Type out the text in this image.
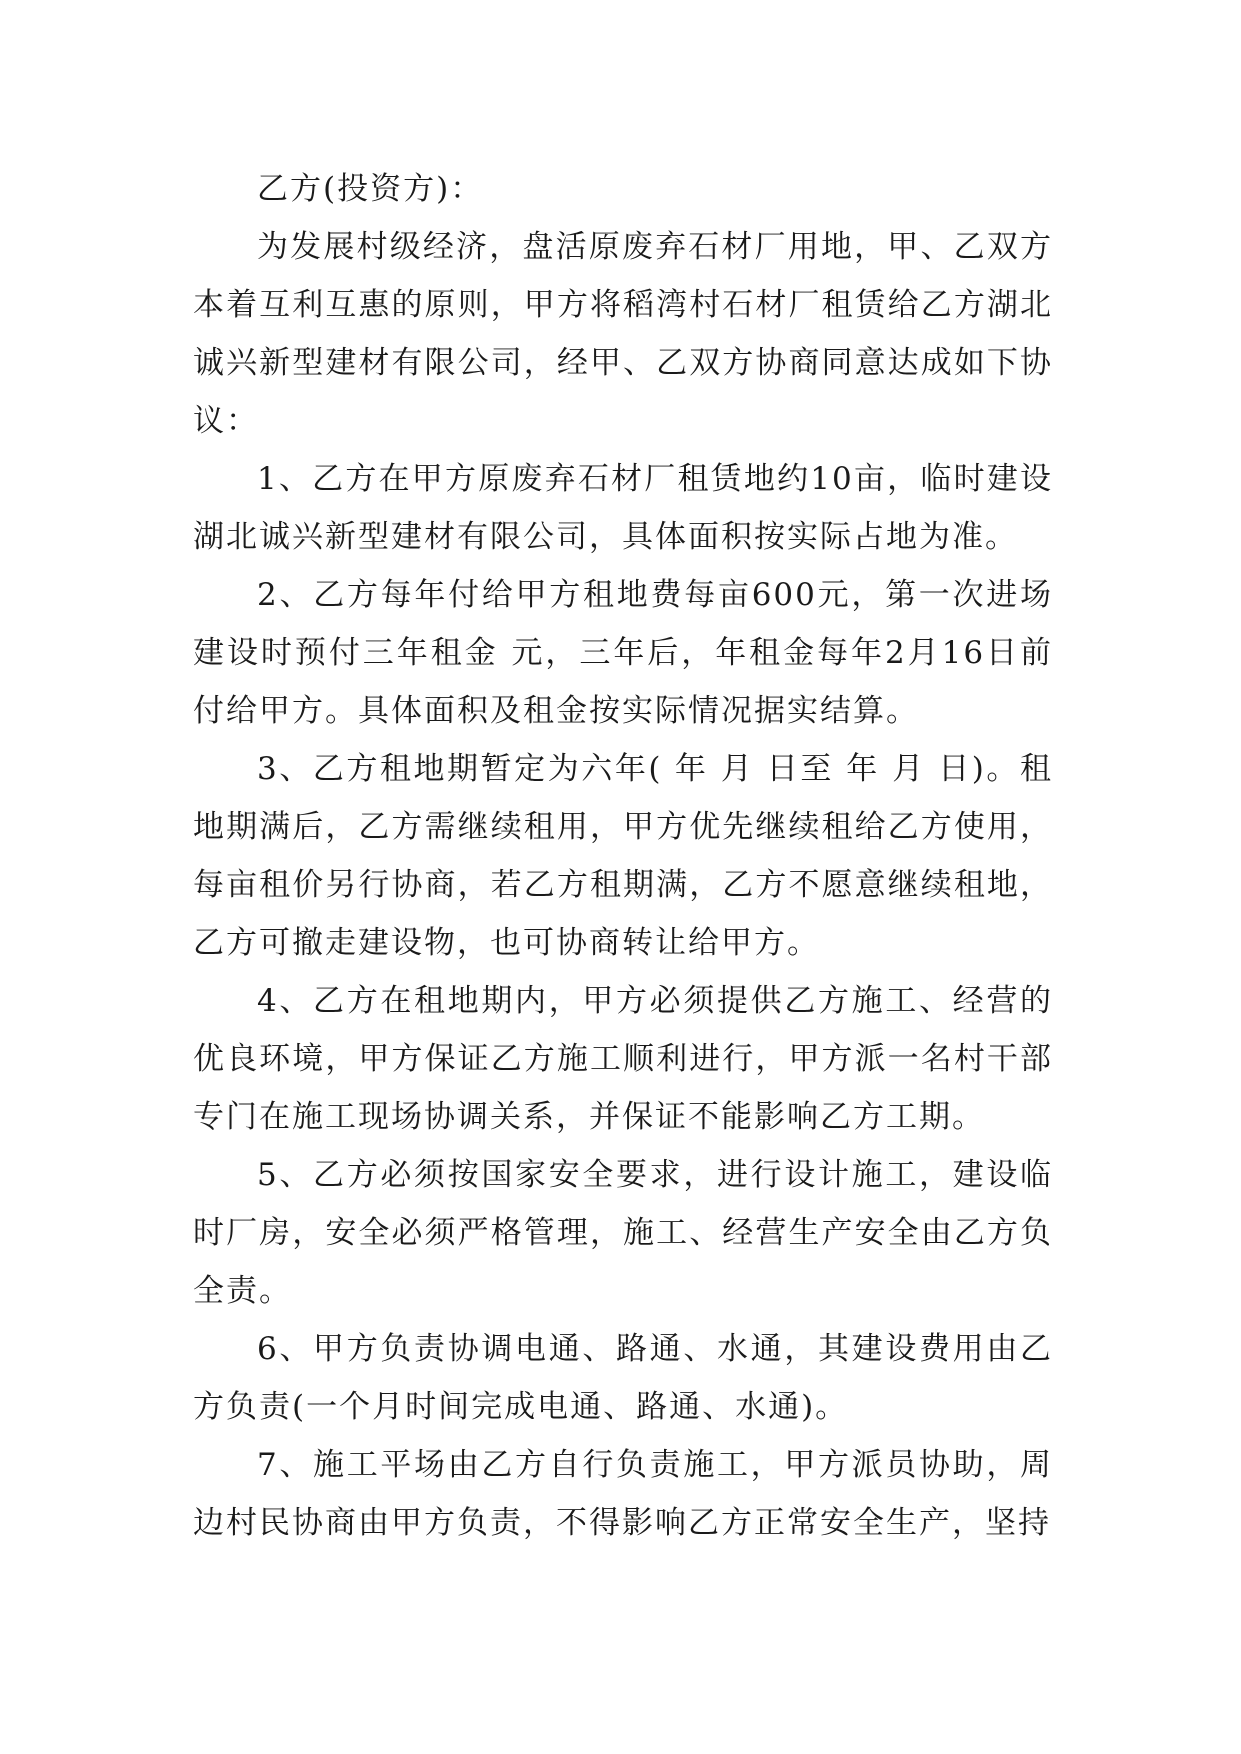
乙方(投资方)：

为发展村级经济，盘活原废弃石材厂用地，甲、乙双方本着互利互惠的原则，甲方将稻湾村石材厂租赁给乙方湖北诚兴新型建材有限公司，经甲、乙双方协商同意达成如下协议：

1、乙方在甲方原废弃石材厂租赁地约10亩，临时建设湖北诚兴新型建材有限公司，具体面积按实际占地为准。

2、乙方每年付给甲方租地费每亩600元，第一次进场建设时预付三年租金 元，三年后，年租金每年2月16日前付给甲方。具体面积及租金按实际情况据实结算。

3、乙方租地期暂定为六年( 年 月 日至 年 月 日)。租地期满后，乙方需继续租用，甲方优先继续租给乙方使用，每亩租价另行协商，若乙方租期满，乙方不愿意继续租地，乙方可撤走建设物，也可协商转让给甲方。

4、乙方在租地期内，甲方必须提供乙方施工、经营的优良环境，甲方保证乙方施工顺利进行，甲方派一名村干部专门在施工现场协调关系，并保证不能影响乙方工期。

5、乙方必须按国家安全要求，进行设计施工，建设临时厂房，安全必须严格管理，施工、经营生产安全由乙方负全责。

6、甲方负责协调电通、路通、水通，其建设费用由乙方负责(一个月时间完成电通、路通、水通)。

7、施工平场由乙方自行负责施工，甲方派员协助，周边村民协商由甲方负责，不得影响乙方正常安全生产，坚持
